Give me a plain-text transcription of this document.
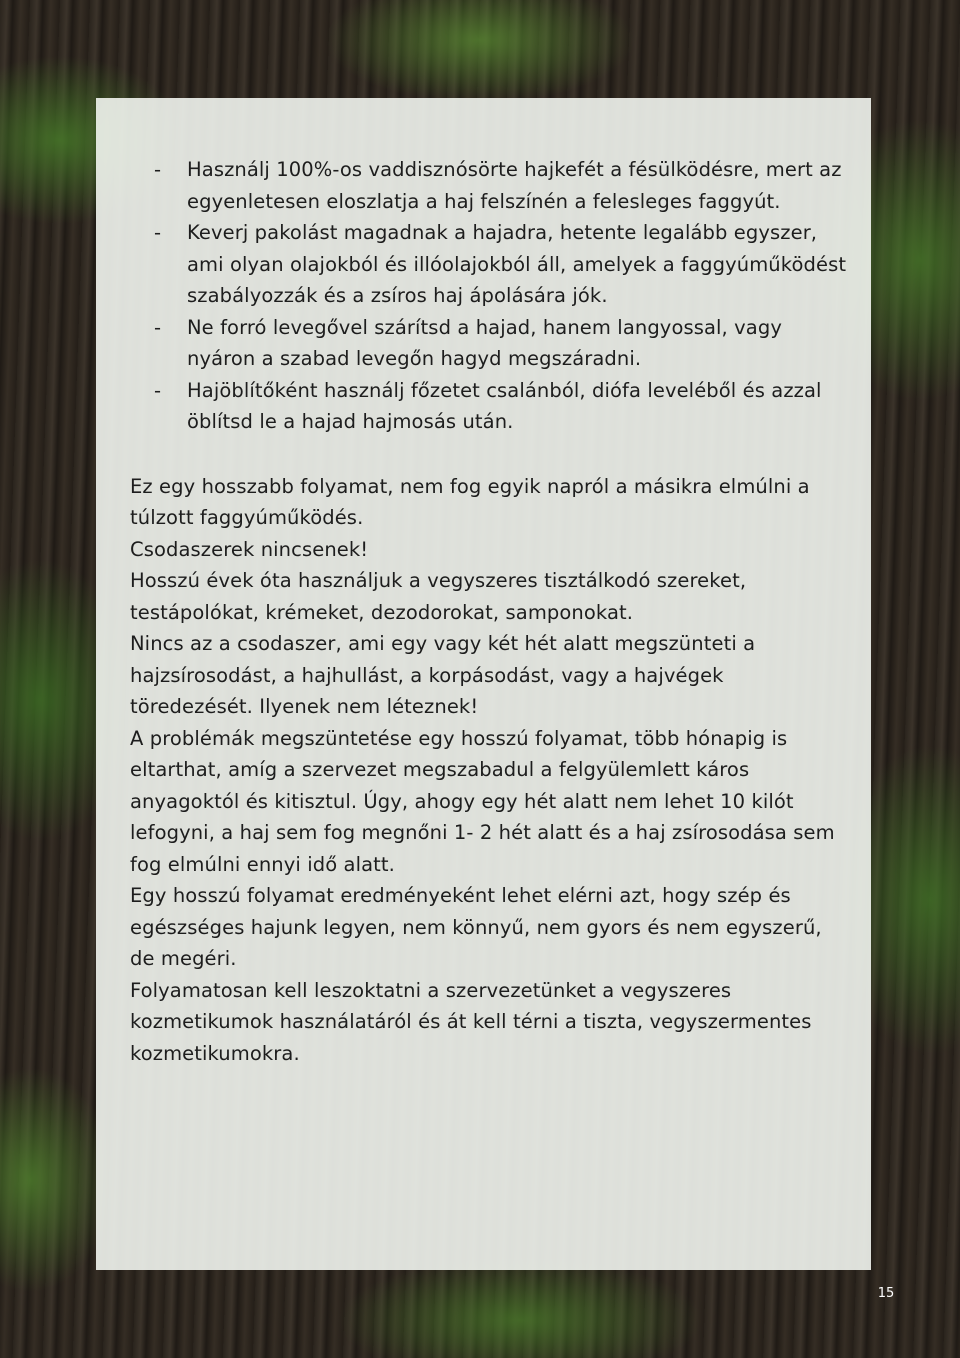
- Használj 100%-os vaddisznósörte hajkefét a fésülködésre, mert az egyenletesen eloszlatja a haj felszínén a felesleges faggyút.
- Keverj pakolást magadnak a hajadra, hetente legalább egyszer, ami olyan olajokból és illóolajokból áll, amelyek a faggyúműködést szabályozzák és a zsíros haj ápolására jók.
- Ne forró levegővel szárítsd a hajad, hanem langyossal, vagy nyáron a szabad levegőn hagyd megszáradni.
- Hajöblítőként használj főzetet csalánból, diófa leveléből és azzal öblítsd le a hajad hajmosás után.

Ez egy hosszabb folyamat, nem fog egyik napról a másikra elmúlni a túlzott faggyúműködés.

Csodaszerek nincsenek!

Hosszú évek óta használjuk a vegyszeres tisztálkodó szereket, testápolókat, krémeket, dezodorokat, samponokat.

Nincs az a csodaszer, ami egy vagy két hét alatt megszünteti a hajzsírosodást, a hajhullást, a korpásodást, vagy a hajvégek töredezését. Ilyenek nem léteznek!

A problémák megszüntetése egy hosszú folyamat, több hónapig is eltarthat, amíg a szervezet megszabadul a felgyülemlett káros anyagoktól és kitisztul. Úgy, ahogy egy hét alatt nem lehet 10 kilót lefogyni, a haj sem fog megnőni 1- 2 hét alatt és a haj zsírosodása sem fog elmúlni ennyi idő alatt.

Egy hosszú folyamat eredményeként lehet elérni azt, hogy szép és egészséges hajunk legyen, nem könnyű, nem gyors és nem egyszerű, de megéri.

Folyamatosan kell leszoktatni a szervezetünket a vegyszeres kozmetikumok használatáról és át kell térni a tiszta, vegyszermentes kozmetikumokra.

15
